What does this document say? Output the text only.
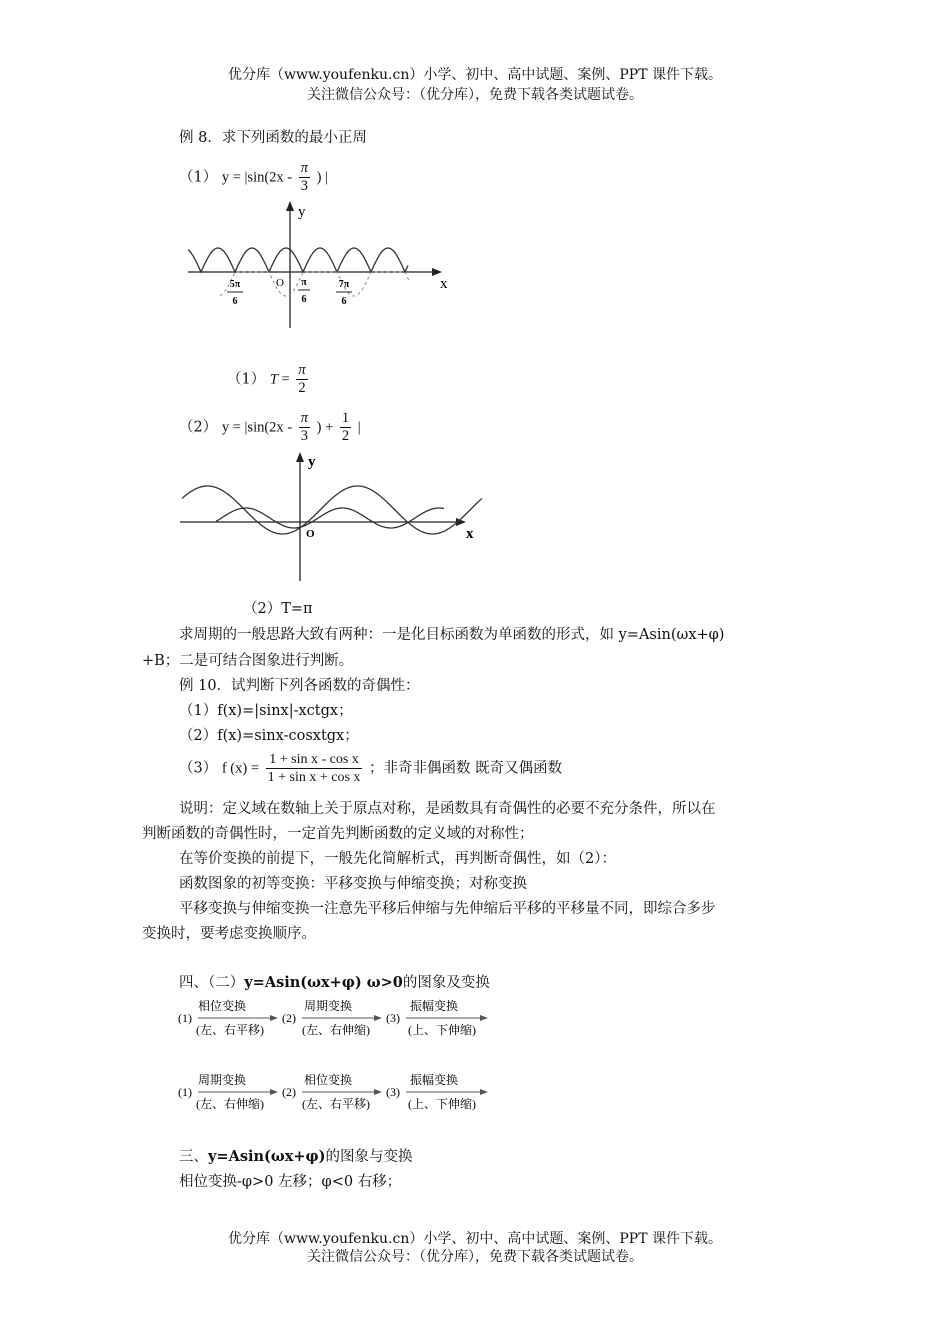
优分库（www.youfenku.cn）小学、初中、高中试题、案例、PPT 课件下载。
关注微信公众号：（优分库），免费下载各类试题试卷。
例 8．求下列函数的最小正周
（1） $y = |\sin(2x - \frac{\pi}{3}$ ) |
y
x
O
5π
6
π
6
7π
6
（1） $T = \frac{\pi}{2}$
（2） $y = |\sin(2x - \frac{\pi}{3}$ ) + $\frac{1}{2}$ |
y
x
O
（2）T=π
求周期的一般思路大致有两种：一是化目标函数为单函数的形式，如 y=Asin(ωx+φ)
+B；二是可结合图象进行判断。
例 10．试判断下列各函数的奇偶性：
（1）f(x)=|sinx|-xctgx；
（2）f(x)=sinx-cosxtgx；
（3） f $(x) = \frac{\text{1 + sin x - cos x}}{\text{1 + sin x + cos x}}$ ；非奇非偶函数 既奇又偶函数
说明：定义域在数轴上关于原点对称，是函数具有奇偶性的必要不充分条件，所以在
判断函数的奇偶性时，一定首先判断函数的定义域的对称性；
在等价变换的前提下，一般先化简解析式，再判断奇偶性，如（2）：
函数图象的初等变换：平移变换与伸缩变换；对称变换
平移变换与伸缩变换一注意先平移后伸缩与先伸缩后平移的平移量不同，即综合多步
变换时，要考虑变换顺序。
四、（二）y=Asin(ωx+φ) ω>0的图象及变换
(1)
相位变换
(左、右平移)
(2)
周期变换
(左、右伸缩)
(3)
振幅变换
(上、下伸缩)
(1)
周期变换
(左、右伸缩)
(2)
相位变换
(左、右平移)
(3)
振幅变换
(上、下伸缩)
三、y=Asin(ωx+φ)的图象与变换
相位变换-φ>0 左移；φ<0 右移；
优分库（www.youfenku.cn）小学、初中、高中试题、案例、PPT 课件下载。
关注微信公众号：（优分库），免费下载各类试题试卷。
